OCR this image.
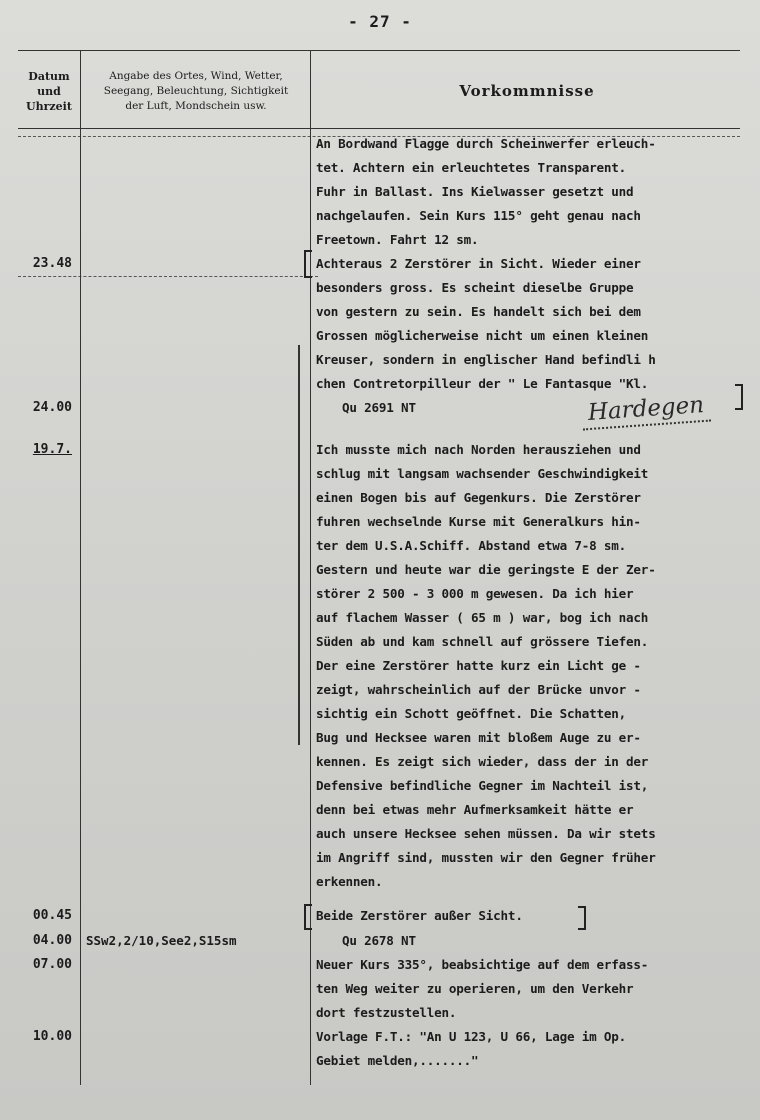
- 27 -
Datum
und
Uhrzeit
Angabe des Ortes, Wind, Wetter,
Seegang, Beleuchtung, Sichtigkeit
der Luft, Mondschein usw.
Vorkommnisse
23.48
24.00
19.7.
00.45
04.00
07.00
10.00
SSw2,2/10,See2,S15sm
Hardegen
An Bordwand Flagge durch Scheinwerfer erleuch-
tet. Achtern ein erleuchtetes Transparent.
Fuhr in Ballast. Ins Kielwasser gesetzt und
nachgelaufen. Sein Kurs 115° geht genau nach
Freetown. Fahrt 12 sm.
Achteraus 2 Zerstörer in Sicht. Wieder einer
besonders gross. Es scheint dieselbe Gruppe
von gestern zu sein. Es handelt sich bei dem
Grossen möglicherweise nicht um einen kleinen
Kreuser, sondern in englischer Hand befindli h
chen Contretorpilleur der " Le Fantasque "Kl.
Qu 2691 NT
Ich musste mich nach Norden herausziehen und
schlug mit langsam wachsender Geschwindigkeit
einen Bogen bis auf Gegenkurs. Die Zerstörer
fuhren wechselnde Kurse mit Generalkurs hin-
ter dem U.S.A.Schiff. Abstand etwa 7-8 sm.
Gestern und heute war die geringste E der Zer-
störer 2 500 - 3 000 m gewesen. Da ich hier
auf flachem Wasser ( 65 m ) war, bog ich nach
Süden ab und kam schnell auf grössere Tiefen.
Der eine Zerstörer hatte kurz ein Licht ge -
zeigt, wahrscheinlich auf der Brücke unvor -
sichtig ein Schott geöffnet. Die Schatten,
Bug und Hecksee waren mit bloßem Auge zu er-
kennen. Es zeigt sich wieder, dass der in der
Defensive befindliche Gegner im Nachteil ist,
denn bei etwas mehr Aufmerksamkeit hätte er
auch unsere Hecksee sehen müssen. Da wir stets
im Angriff sind, mussten wir den Gegner früher
erkennen.
Beide Zerstörer außer Sicht.
Qu 2678 NT
Neuer Kurs 335°, beabsichtige auf dem erfass-
ten Weg weiter zu operieren, um den Verkehr
dort festzustellen.
Vorlage F.T.: "An U 123, U 66, Lage im Op.
Gebiet melden,......."
